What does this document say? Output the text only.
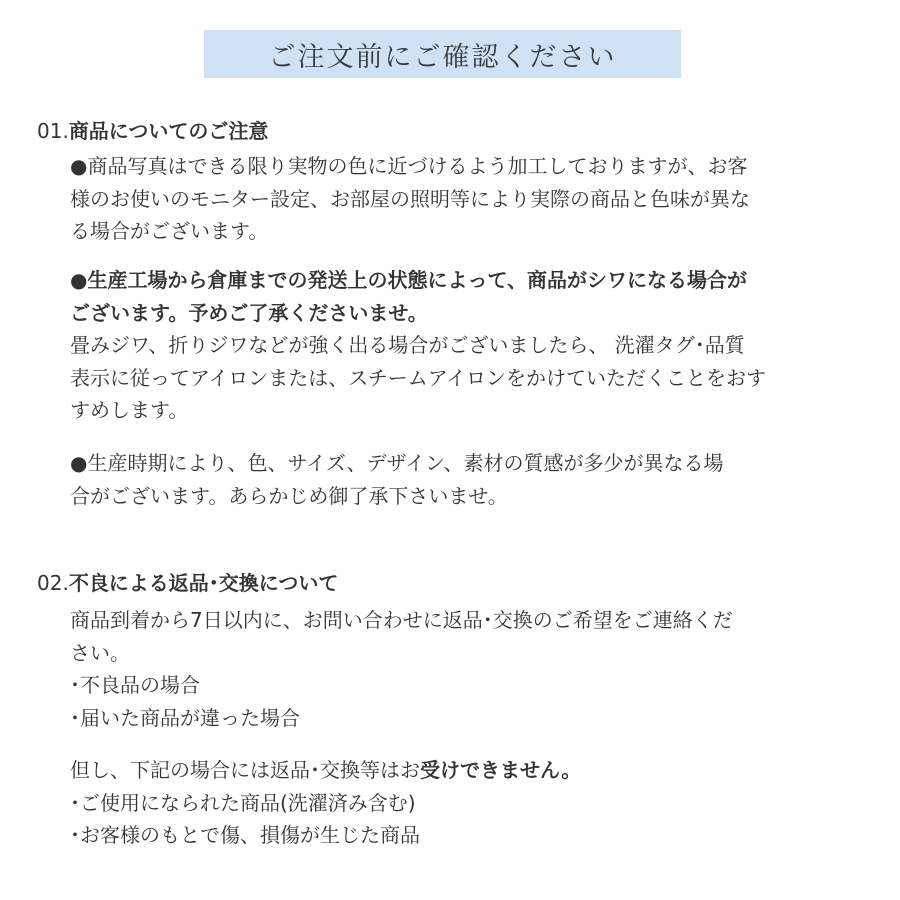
ご注文前にご確認ください
01.商品についてのご注意
●商品写真はできる限り実物の色に近づけるよう加工しておりますが、お客
様のお使いのモニター設定、お部屋の照明等により実際の商品と色味が異な
る場合がございます。
●生産工場から倉庫までの発送上の状態によって、商品がシワになる場合が
ございます。予めご了承くださいませ。
畳みジワ、折りジワなどが強く出る場合がございましたら、 洗濯タグ･品質
表示に従ってアイロンまたは、スチームアイロンをかけていただくことをおす
すめします。
●生産時期により、色、サイズ、デザイン、素材の質感が多少が異なる場
合がございます。あらかじめ御了承下さいませ。
02.不良による返品･交換について
商品到着から7日以内に、お問い合わせに返品･交換のご希望をご連絡くだ
さい。
･不良品の場合
･届いた商品が違った場合
但し、下記の場合には返品･交換等はお受けできません。
･ご使用になられた商品(洗濯済み含む)
･お客様のもとで傷、損傷が生じた商品
